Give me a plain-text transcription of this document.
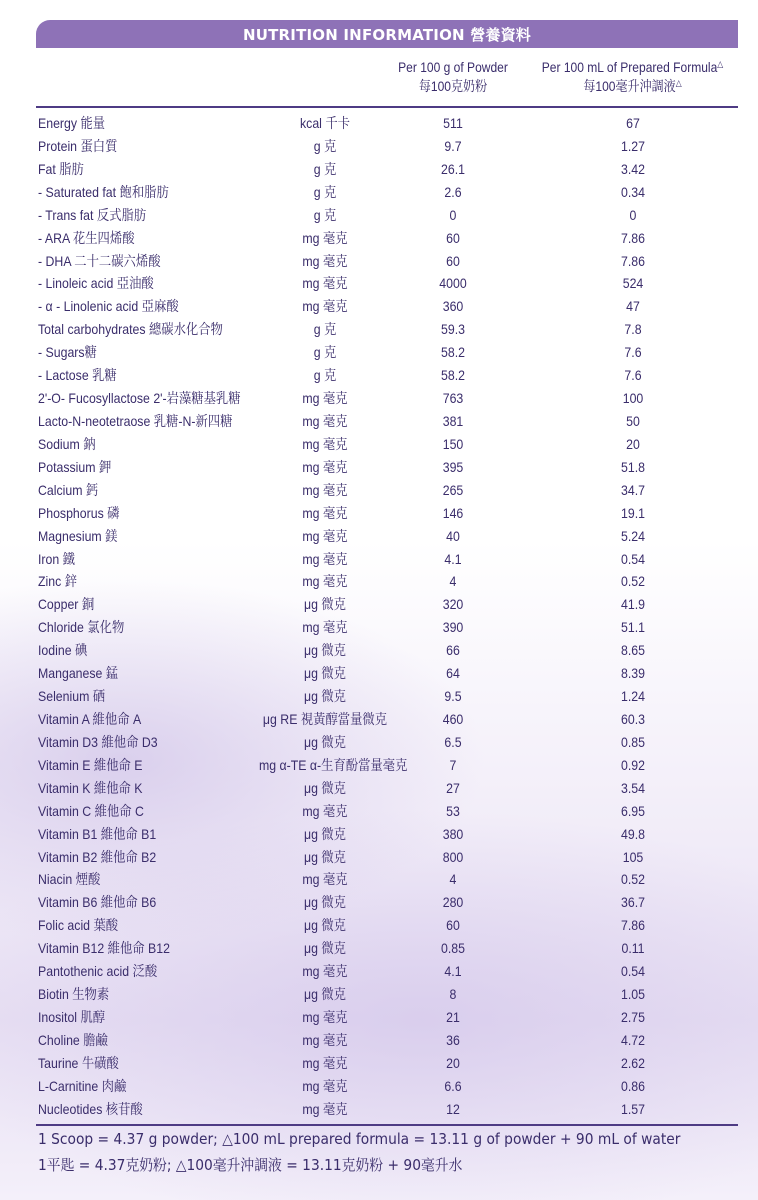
NUTRITION INFORMATION 營養資料
Per 100 g of Powder
每100克奶粉
Per 100 mL of Prepared Formula△
每100毫升沖調液△
Energy 能量	kcal 千卡	511	67
Protein 蛋白質	g 克	9.7	1.27
Fat 脂肪	g 克	26.1	3.42
- Saturated fat 飽和脂肪	g 克	2.6	0.34
- Trans fat 反式脂肪	g 克	0	0
- ARA 花生四烯酸	mg 毫克	60	7.86
- DHA 二十二碳六烯酸	mg 毫克	60	7.86
- Linoleic acid 亞油酸	mg 毫克	4000	524
- α - Linolenic acid 亞麻酸	mg 毫克	360	47
Total carbohydrates 總碳水化合物	g 克	59.3	7.8
- Sugars糖	g 克	58.2	7.6
- Lactose 乳糖	g 克	58.2	7.6
2'-O- Fucosyllactose 2'-岩藻糖基乳糖	mg 毫克	763	100
Lacto-N-neotetraose 乳糖-N-新四糖	mg 毫克	381	50
Sodium 鈉	mg 毫克	150	20
Potassium 鉀	mg 毫克	395	51.8
Calcium 鈣	mg 毫克	265	34.7
Phosphorus 磷	mg 毫克	146	19.1
Magnesium 鎂	mg 毫克	40	5.24
Iron 鐵	mg 毫克	4.1	0.54
Zinc 鋅	mg 毫克	4	0.52
Copper 銅	μg 微克	320	41.9
Chloride 氯化物	mg 毫克	390	51.1
Iodine 碘	μg 微克	66	8.65
Manganese 錳	μg 微克	64	8.39
Selenium 硒	μg 微克	9.5	1.24
Vitamin A 維他命 A	μg RE 視黃醇當量微克	460	60.3
Vitamin D3 維他命 D3	μg 微克	6.5	0.85
Vitamin E 維他命 E	mg α-TE α-生育酚當量毫克	7	0.92
Vitamin K 維他命 K	μg 微克	27	3.54
Vitamin C 維他命 C	mg 毫克	53	6.95
Vitamin B1 維他命 B1	μg 微克	380	49.8
Vitamin B2 維他命 B2	μg 微克	800	105
Niacin 煙酸	mg 毫克	4	0.52
Vitamin B6 維他命 B6	μg 微克	280	36.7
Folic acid 葉酸	μg 微克	60	7.86
Vitamin B12 維他命 B12	μg 微克	0.85	0.11
Pantothenic acid 泛酸	mg 毫克	4.1	0.54
Biotin 生物素	μg 微克	8	1.05
Inositol 肌醇	mg 毫克	21	2.75
Choline 膽鹼	mg 毫克	36	4.72
Taurine 牛磺酸	mg 毫克	20	2.62
L-Carnitine 肉鹼	mg 毫克	6.6	0.86
Nucleotides 核苷酸	mg 毫克	12	1.57
1 Scoop = 4.37 g powder; △100 mL prepared formula = 13.11 g of powder + 90 mL of water
1平匙 = 4.37克奶粉; △100毫升沖調液 = 13.11克奶粉 + 90毫升水
